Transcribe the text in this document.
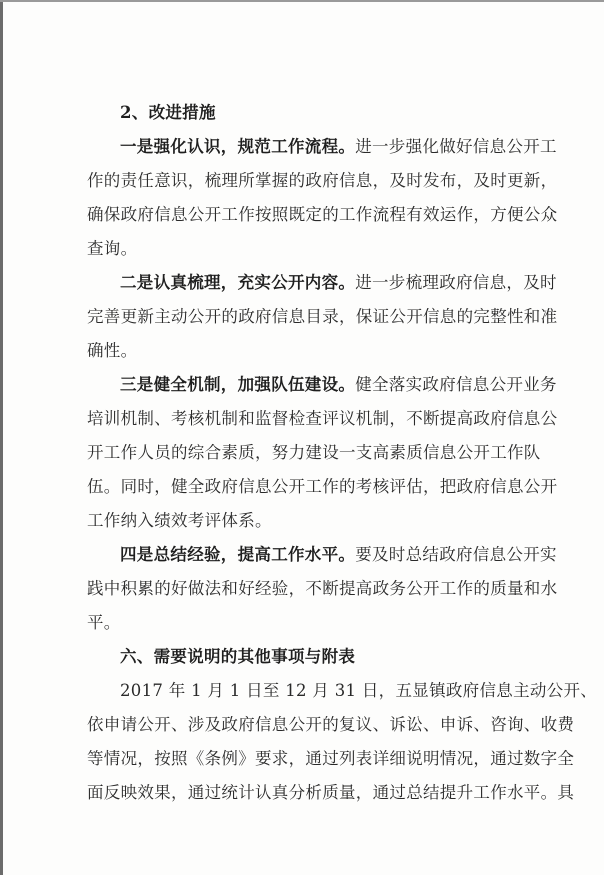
2、改进措施
一是强化认识，规范工作流程。进一步强化做好信息公开工
作的责任意识，梳理所掌握的政府信息，及时发布，及时更新，
确保政府信息公开工作按照既定的工作流程有效运作，方便公众
查询。
二是认真梳理，充实公开内容。进一步梳理政府信息，及时
完善更新主动公开的政府信息目录，保证公开信息的完整性和准
确性。
三是健全机制，加强队伍建设。健全落实政府信息公开业务
培训机制、考核机制和监督检查评议机制，不断提高政府信息公
开工作人员的综合素质，努力建设一支高素质信息公开工作队
伍。同时，健全政府信息公开工作的考核评估，把政府信息公开
工作纳入绩效考评体系。
四是总结经验，提高工作水平。要及时总结政府信息公开实
践中积累的好做法和好经验，不断提高政务公开工作的质量和水
平。
六、需要说明的其他事项与附表
2017 年 1 月 1 日至 12 月 31 日，五显镇政府信息主动公开、
依申请公开、涉及政府信息公开的复议、诉讼、申诉、咨询、收费
等情况，按照《条例》要求，通过列表详细说明情况，通过数字全
面反映效果，通过统计认真分析质量，通过总结提升工作水平。具
